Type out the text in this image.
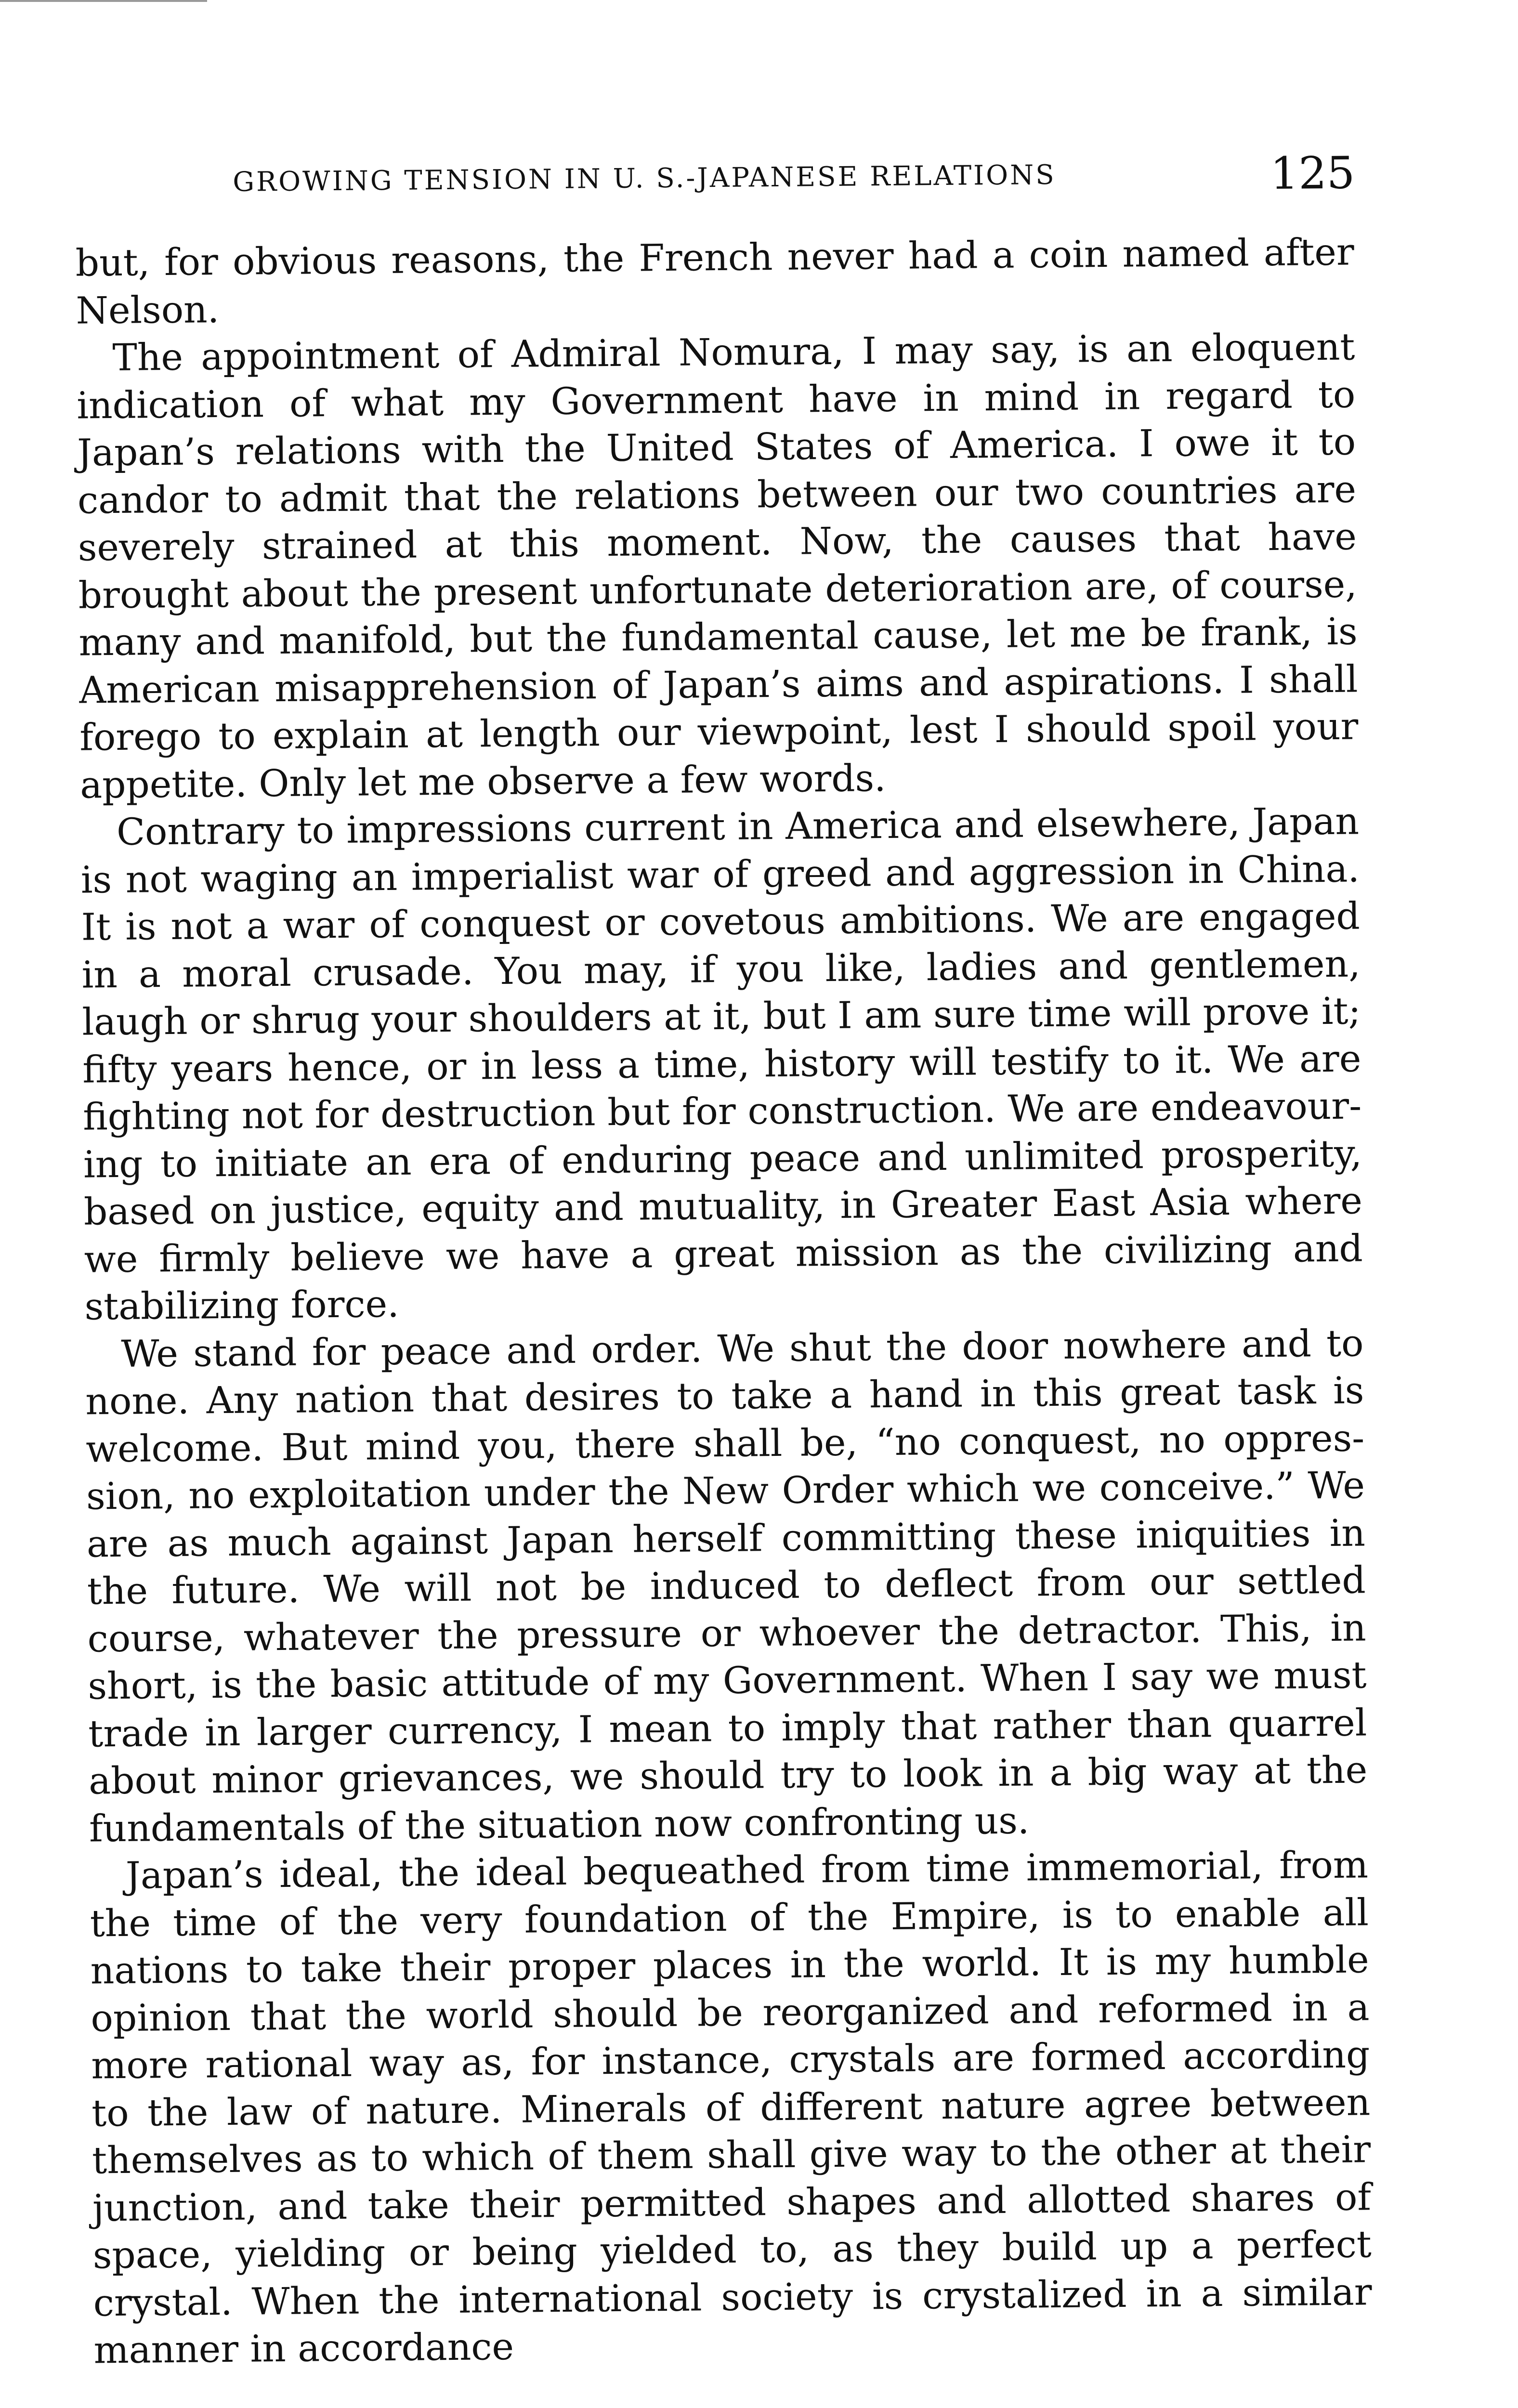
GROWING TENSION IN U. S.-JAPANESE RELATIONS	125

but, for obvious reasons, the French never had a coin named after Nelson.

The appointment of Admiral Nomura, I may say, is an eloquent indication of what my Government have in mind in regard to Japan’s relations with the United States of America. I owe it to candor to admit that the relations between our two countries are severely strained at this moment. Now, the causes that have brought about the present unfortunate deterioration are, of course, many and manifold, but the fundamental cause, let me be frank, is American misapprehension of Japan’s aims and aspirations. I shall forego to explain at length our viewpoint, lest I should spoil your appetite. Only let me observe a few words.

Contrary to impressions current in America and elsewhere, Japan is not waging an imperialist war of greed and aggression in China. It is not a war of conquest or covetous ambitions. We are engaged in a moral crusade. You may, if you like, ladies and gentlemen, laugh or shrug your shoulders at it, but I am sure time will prove it; fifty years hence, or in less a time, history will testify to it. We are fighting not for destruction but for construction. We are endeavouring to initiate an era of enduring peace and unlimited prosperity, based on justice, equity and mutuality, in Greater East Asia where we firmly believe we have a great mission as the civilizing and stabilizing force.

We stand for peace and order. We shut the door nowhere and to none. Any nation that desires to take a hand in this great task is welcome. But mind you, there shall be, “no conquest, no oppression, no exploitation under the New Order which we conceive.” We are as much against Japan herself committing these iniquities in the future. We will not be induced to deflect from our settled course, whatever the pressure or whoever the detractor. This, in short, is the basic attitude of my Government. When I say we must trade in larger currency, I mean to imply that rather than quarrel about minor grievances, we should try to look in a big way at the fundamentals of the situation now confronting us.

Japan’s ideal, the ideal bequeathed from time immemorial, from the time of the very foundation of the Empire, is to enable all nations to take their proper places in the world. It is my humble opinion that the world should be reorganized and reformed in a more rational way as, for instance, crystals are formed according to the law of nature. Minerals of different nature agree between themselves as to which of them shall give way to the other at their junction, and take their permitted shapes and allotted shares of space, yielding or being yielded to, as they build up a perfect crystal. When the international society is crystalized in a similar manner in accordance
